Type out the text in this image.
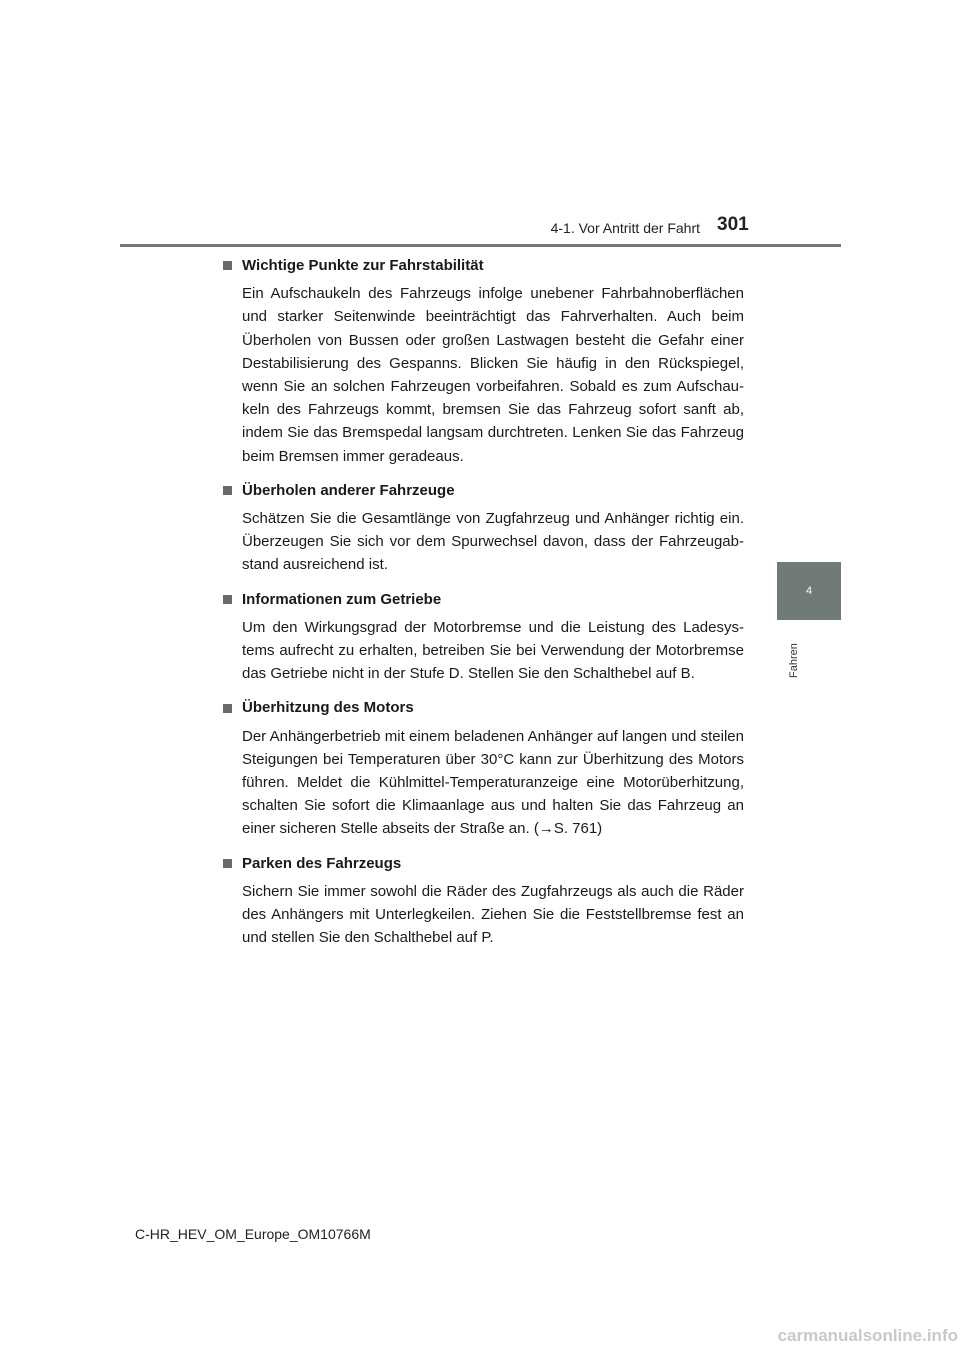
4-1. Vor Antritt der Fahrt 301
4
Fahren
Wichtige Punkte zur Fahrstabilität
Ein Aufschaukeln des Fahrzeugs infolge unebener Fahrbahnoberflächen und starker Seitenwinde beeinträchtigt das Fahrverhalten. Auch beim Überholen von Bussen oder großen Lastwagen besteht die Gefahr einer Destabilisierung des Gespanns. Blicken Sie häufig in den Rückspiegel, wenn Sie an solchen Fahrzeugen vorbeifahren. Sobald es zum Aufschaukeln des Fahrzeugs kommt, bremsen Sie das Fahrzeug sofort sanft ab, indem Sie das Bremspedal langsam durchtreten. Lenken Sie das Fahrzeug beim Bremsen immer geradeaus.
Überholen anderer Fahrzeuge
Schätzen Sie die Gesamtlänge von Zugfahrzeug und Anhänger richtig ein. Überzeugen Sie sich vor dem Spurwechsel davon, dass der Fahrzeugabstand ausreichend ist.
Informationen zum Getriebe
Um den Wirkungsgrad der Motorbremse und die Leistung des Ladesystems aufrecht zu erhalten, betreiben Sie bei Verwendung der Motorbremse das Getriebe nicht in der Stufe D. Stellen Sie den Schalthebel auf B.
Überhitzung des Motors
Der Anhängerbetrieb mit einem beladenen Anhänger auf langen und steilen Steigungen bei Temperaturen über 30°C kann zur Überhitzung des Motors führen. Meldet die Kühlmittel-Temperaturanzeige eine Motorüberhitzung, schalten Sie sofort die Klimaanlage aus und halten Sie das Fahrzeug an einer sicheren Stelle abseits der Straße an. (→S. 761)
Parken des Fahrzeugs
Sichern Sie immer sowohl die Räder des Zugfahrzeugs als auch die Räder des Anhängers mit Unterlegkeilen. Ziehen Sie die Feststellbremse fest an und stellen Sie den Schalthebel auf P.
C-HR_HEV_OM_Europe_OM10766M
carmanualsonline.info
